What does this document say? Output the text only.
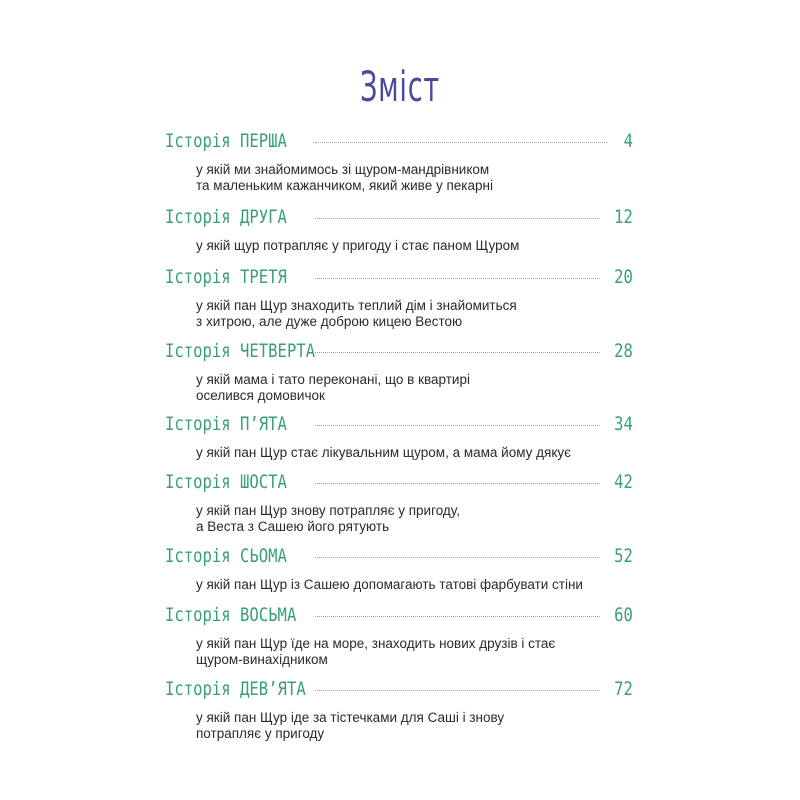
Зміст
Історія ПЕРША	4
у якій ми знайомимось зі щуром-мандрівником
та маленьким кажанчиком, який живе у пекарні
Історія ДРУГА	12
у якій щур потрапляє у пригоду і стає паном Щуром
Історія ТРЕТЯ	20
у якій пан Щур знаходить теплий дім і знайомиться
з хитрою, але дуже доброю кицею Вестою
Історія ЧЕТВЕРТА	28
у якій мама і тато переконані, що в квартирі
оселився домовичок
Історія П’ЯТА	34
у якій пан Щур стає лікувальним щуром, а мама йому дякує
Історія ШОСТА	42
у якій пан Щур знову потрапляє у пригоду,
а Веста з Сашею його рятують
Історія СЬОМА	52
у якій пан Щур із Сашею допомагають татові фарбувати стіни
Історія ВОСЬМА	60
у якій пан Щур їде на море, знаходить нових друзів і стає
щуром-винахідником
Історія ДЕВ’ЯТА	72
у якій пан Щур іде за тістечками для Саші і знову
потрапляє у пригоду
